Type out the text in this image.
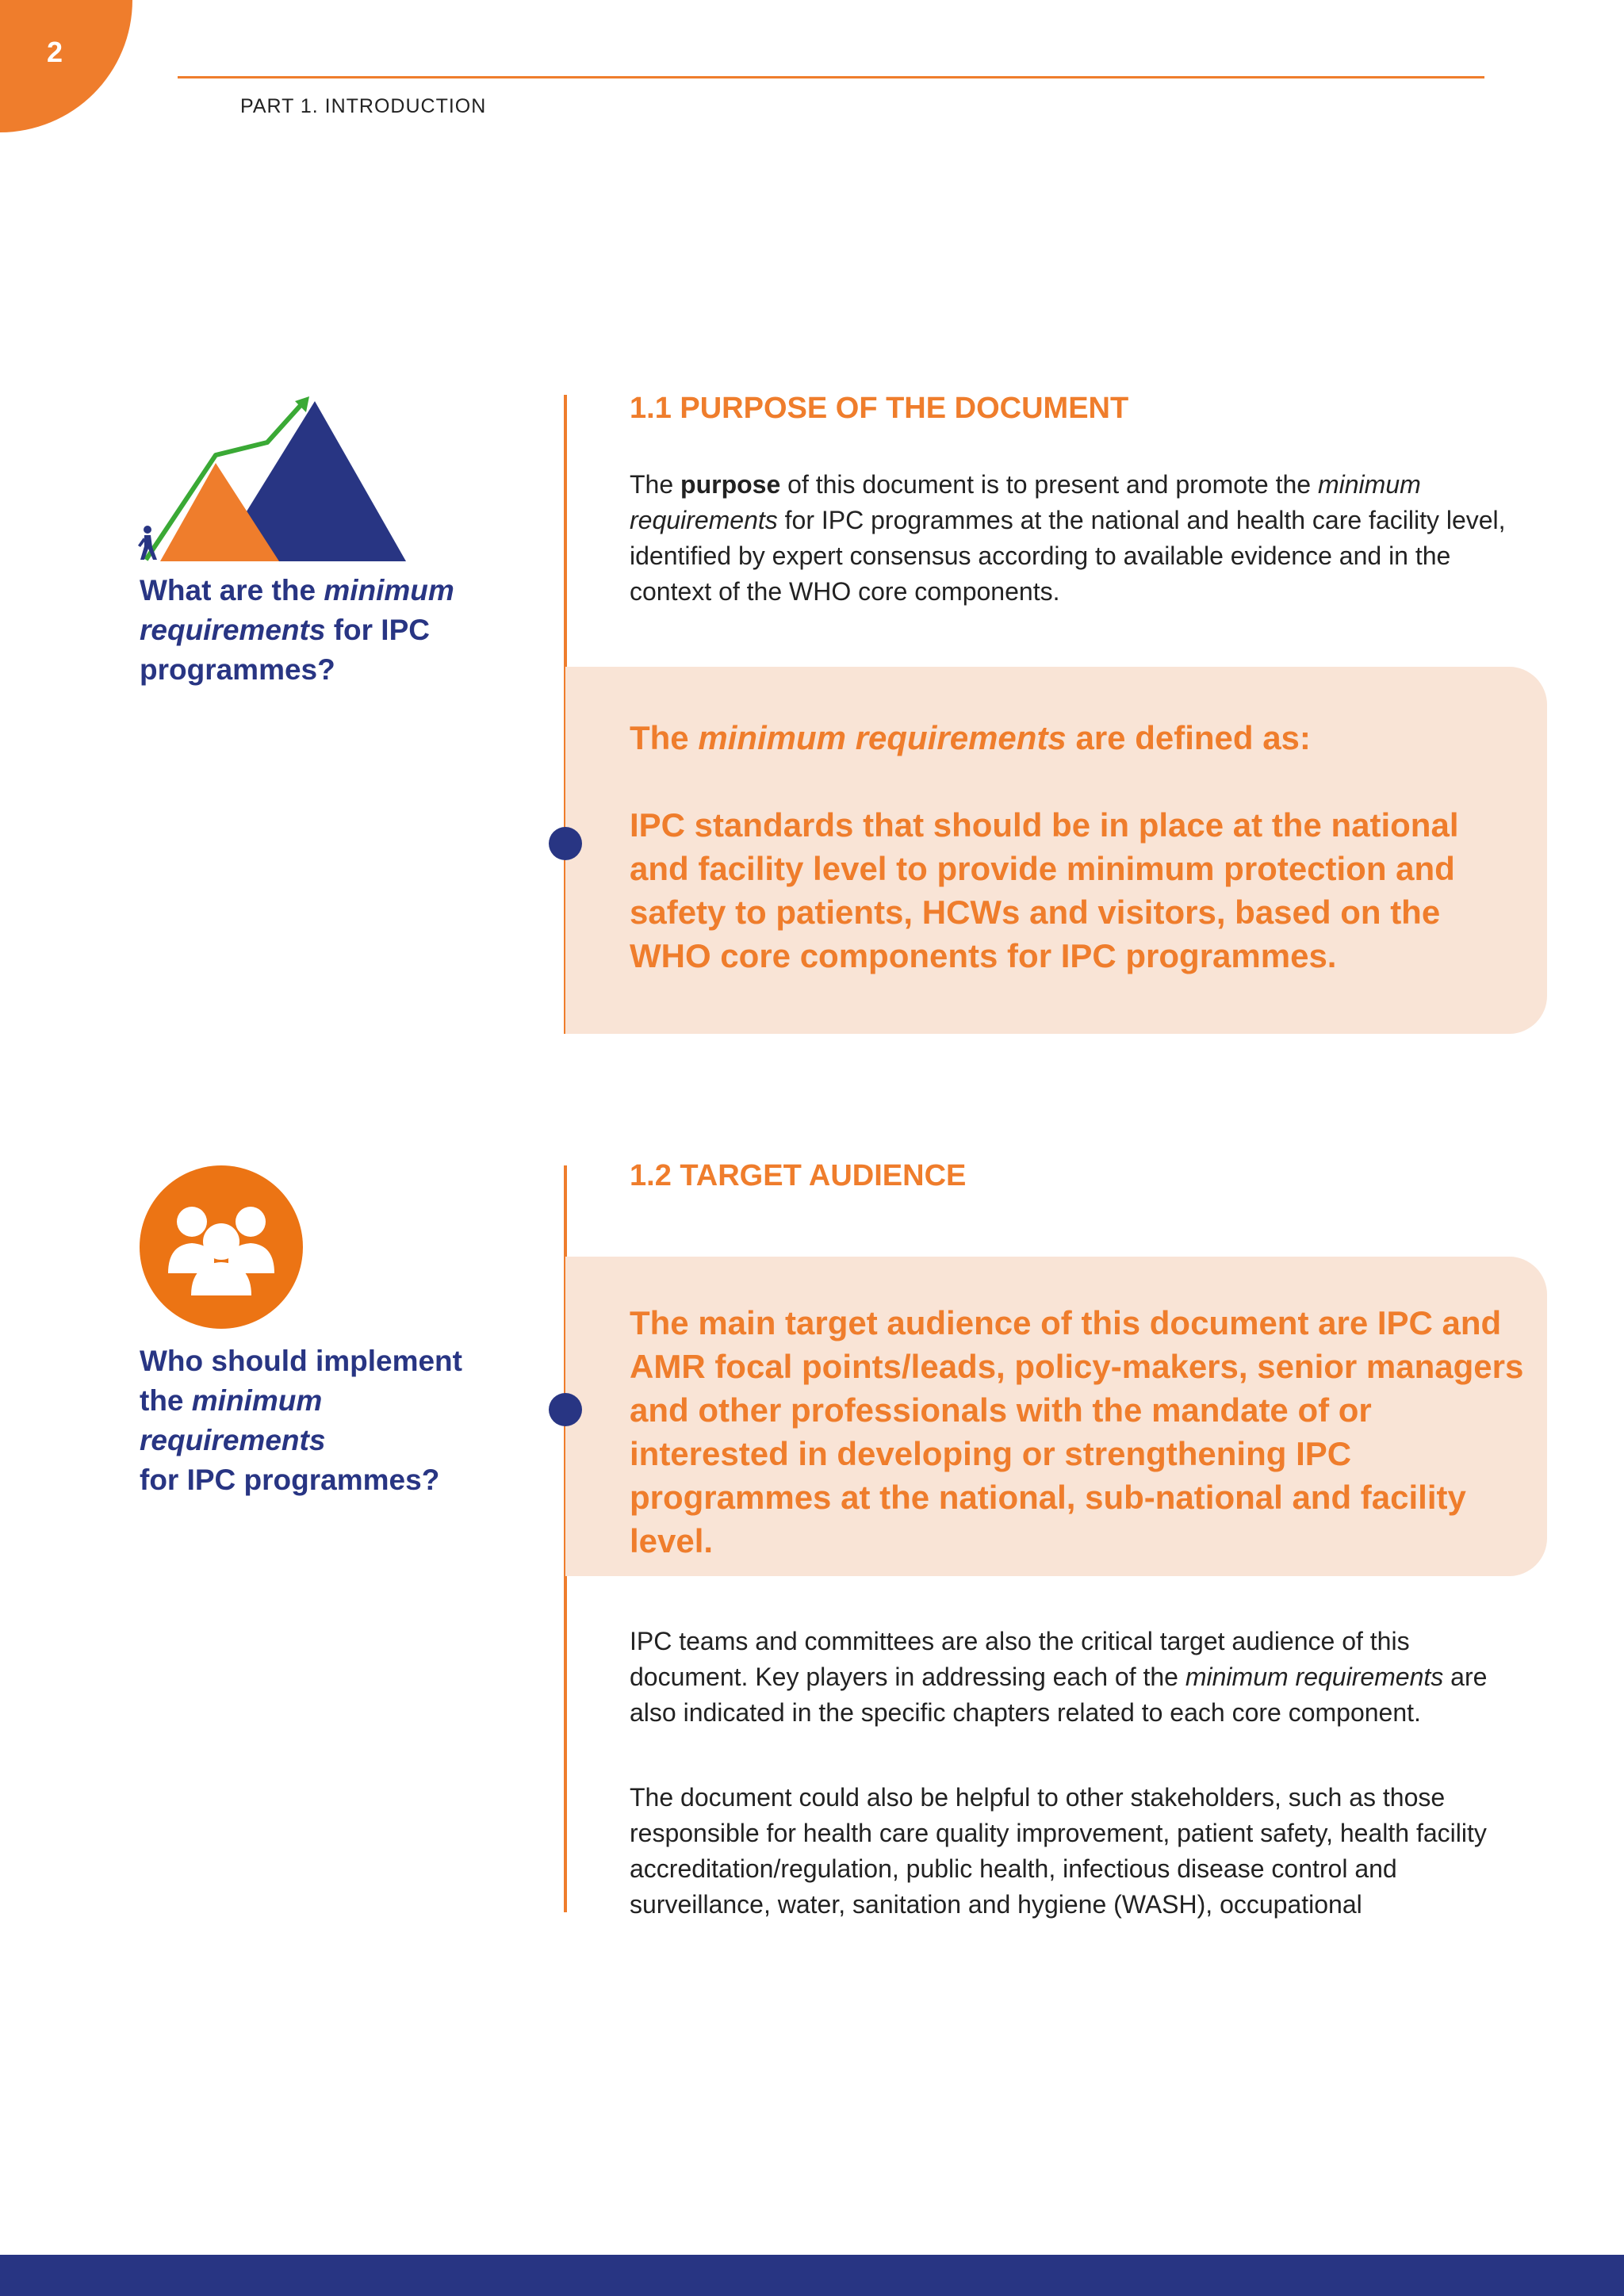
2
PART 1. INTRODUCTION

What are the minimum requirements for IPC programmes?

1.1 PURPOSE OF THE DOCUMENT

The purpose of this document is to present and promote the minimum requirements for IPC programmes at the national and health care facility level, identified by expert consensus according to available evidence and in the context of the WHO core components.

The minimum requirements are defined as:

IPC standards that should be in place at the national and facility level to provide minimum protection and safety to patients, HCWs and visitors, based on the WHO core components for IPC programmes.

Who should implement
the minimum requirements
for IPC programmes?

1.2 TARGET AUDIENCE

The main target audience of this document are IPC and AMR focal points/leads, policy-makers, senior managers and other professionals with the mandate of or interested in developing or strengthening IPC programmes at the national, sub-national and facility level.

IPC teams and committees are also the critical target audience of this document. Key players in addressing each of the minimum requirements are also indicated in the specific chapters related to each core component.

The document could also be helpful to other stakeholders, such as those responsible for health care quality improvement, patient safety, health facility accreditation/regulation, public health, infectious disease control and surveillance, water, sanitation and hygiene (WASH), occupational
